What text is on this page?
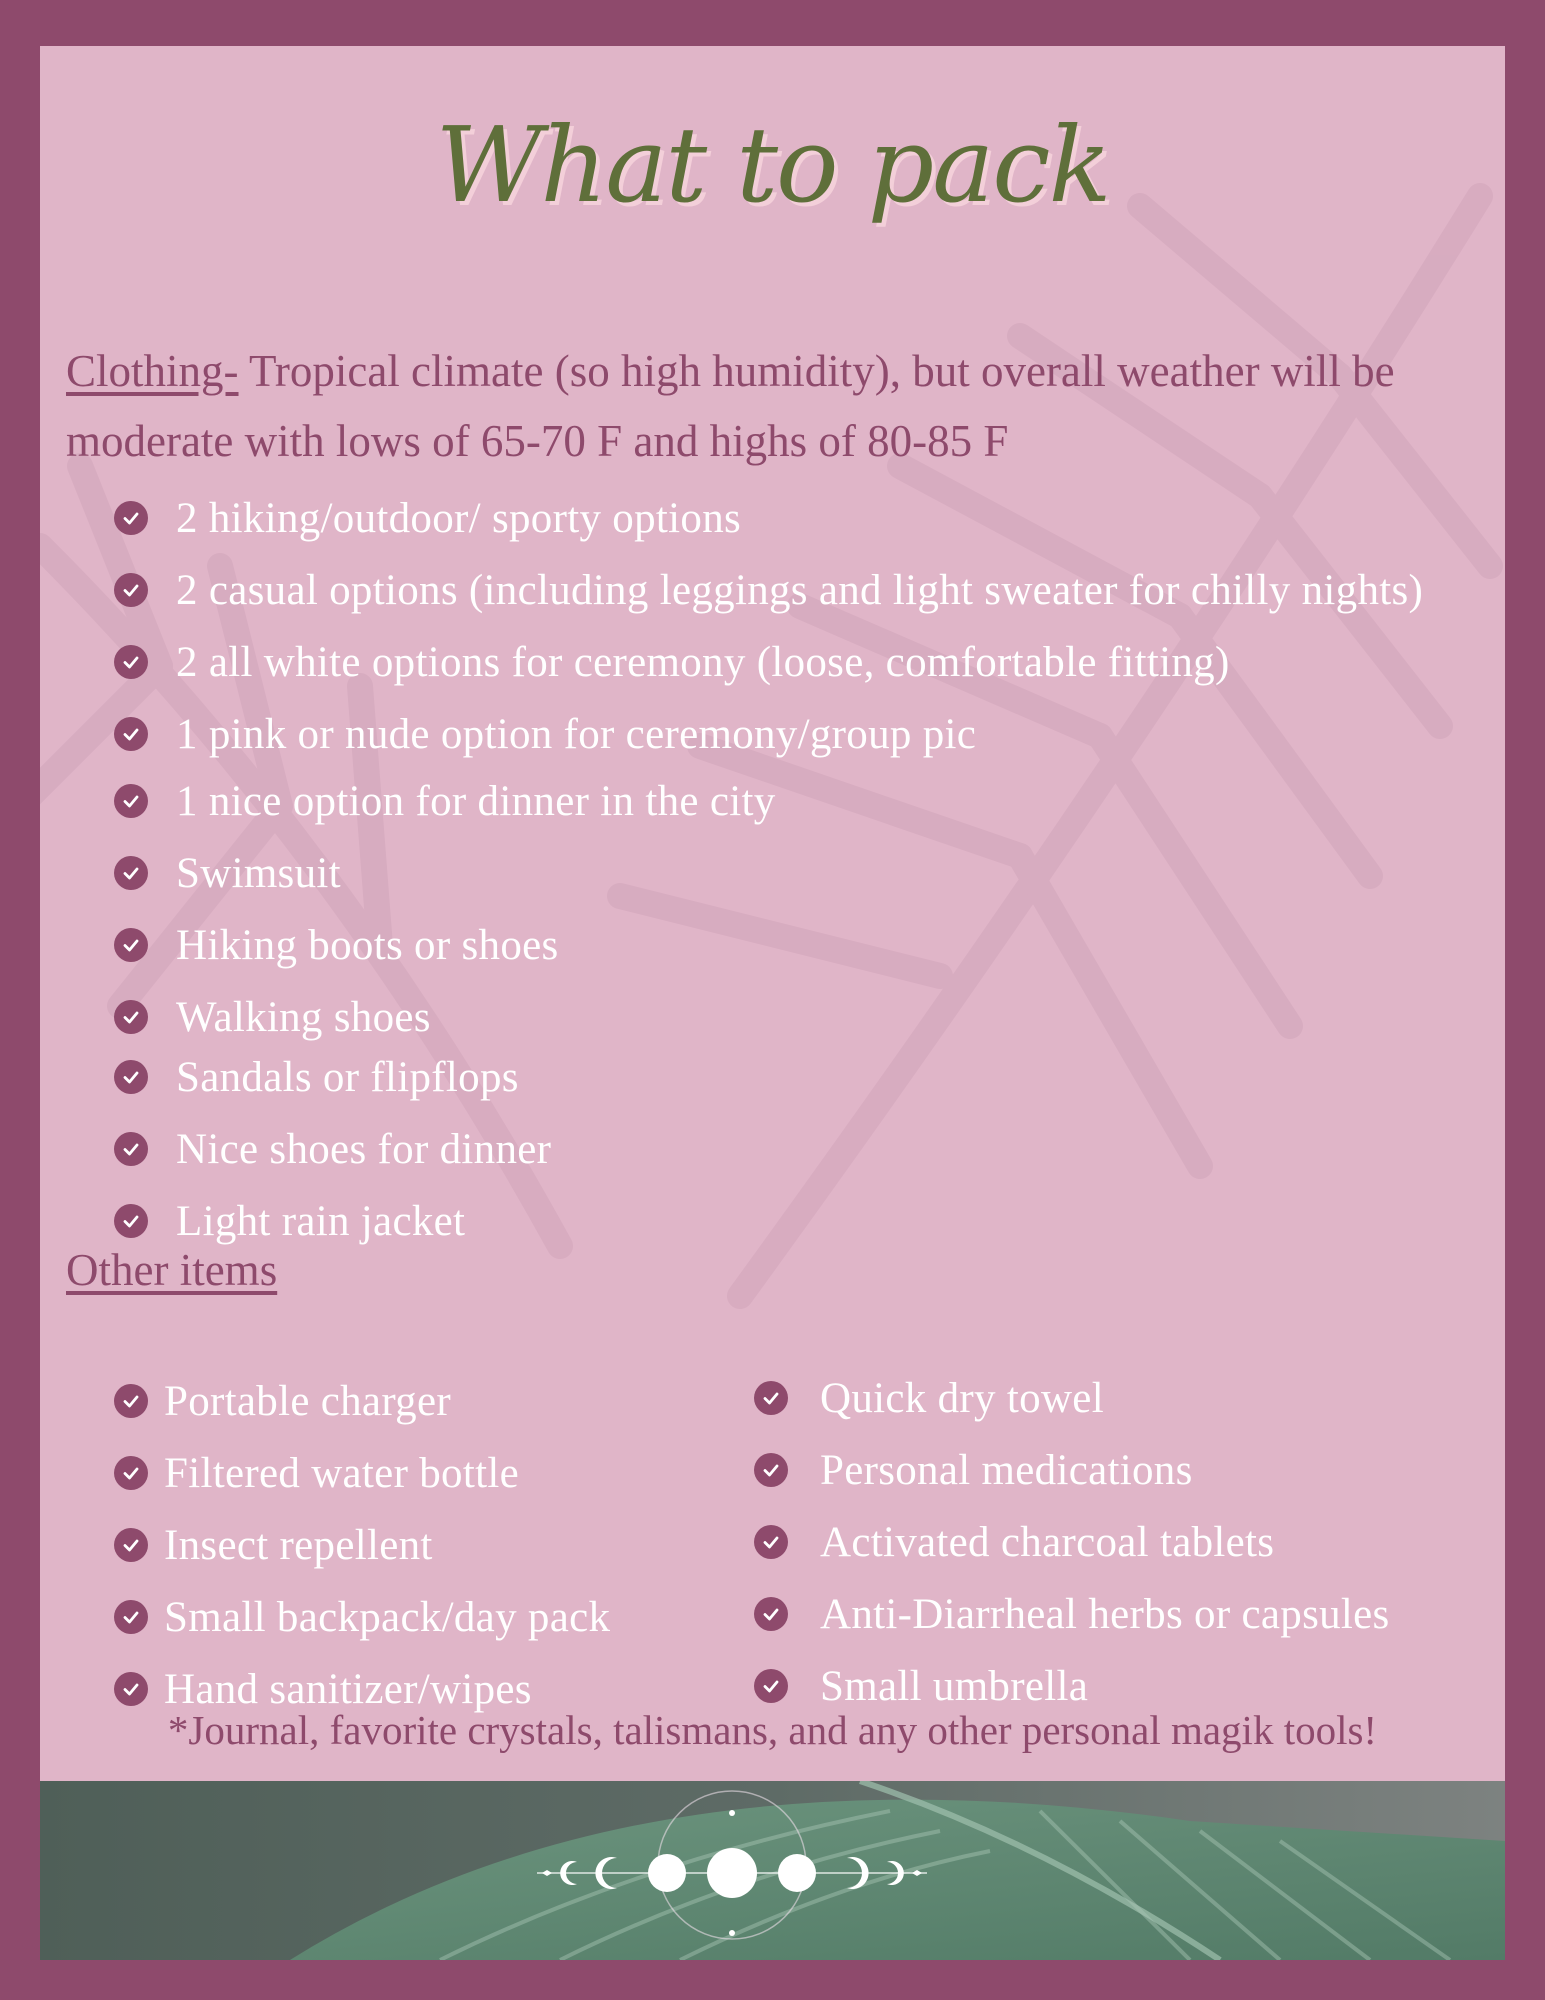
What to pack
Clothing- Tropical climate (so high humidity), but overall weather will be
moderate with lows of 65-70 F and highs of 80-85 F
2 hiking/outdoor/ sporty options
2 casual options (including leggings and light sweater for chilly nights)
2 all white options for ceremony (loose, comfortable fitting)
1 pink or nude option for ceremony/group pic
1 nice option for dinner in the city
Swimsuit
Hiking boots or shoes
Walking shoes
Sandals or flipflops
Nice shoes for dinner
Light rain jacket
Other items
Portable charger
Filtered water bottle
Insect repellent
Small backpack/day pack
Hand sanitizer/wipes
Quick dry towel
Personal medications
Activated charcoal tablets
Anti-Diarrheal herbs or capsules
Small umbrella
*Journal, favorite crystals, talismans, and any other personal magik tools!
